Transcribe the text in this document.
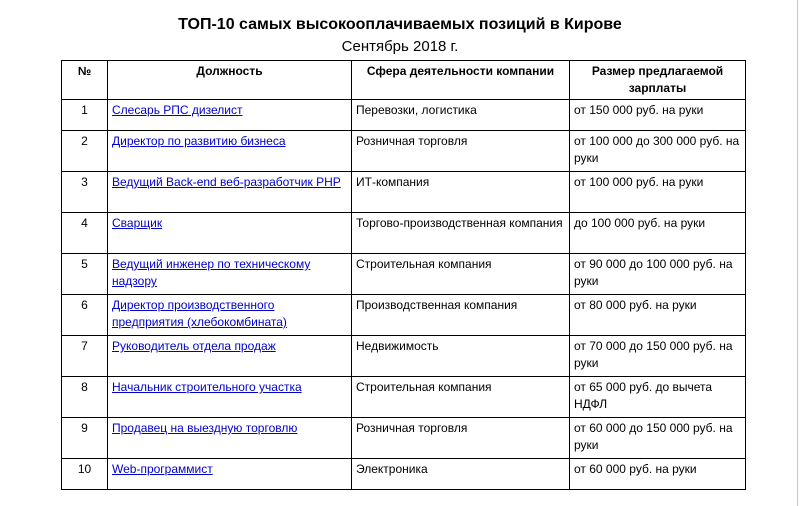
ТОП-10 самых высокооплачиваемых позиций в Кирове
Сентябрь 2018 г.
№	Должность	Сфера деятельности компании	Размер предлагаемой зарплаты
1	Слесарь РПС дизелист	Перевозки, логистика	от 150 000 руб. на руки
2	Директор по развитию бизнеса	Розничная торговля	от 100 000 до 300 000 руб. на руки
3	Ведущий Back-end веб-разработчик PHP	ИТ-компания	от 100 000 руб. на руки
4	Сварщик	Торгово-производственная компания	до 100 000 руб. на руки
5	Ведущий инженер по техническому надзору	Строительная компания	от 90 000 до 100 000 руб. на руки
6	Директор производственного предприятия (хлебокомбината)	Производственная компания	от 80 000 руб. на руки
7	Руководитель отдела продаж	Недвижимость	от 70 000 до 150 000 руб. на руки
8	Начальник строительного участка	Строительная компания	от 65 000 руб. до вычета НДФЛ
9	Продавец на выездную торговлю	Розничная торговля	от 60 000 до 150 000 руб. на руки
10	Web-программист	Электроника	от 60 000 руб. на руки
